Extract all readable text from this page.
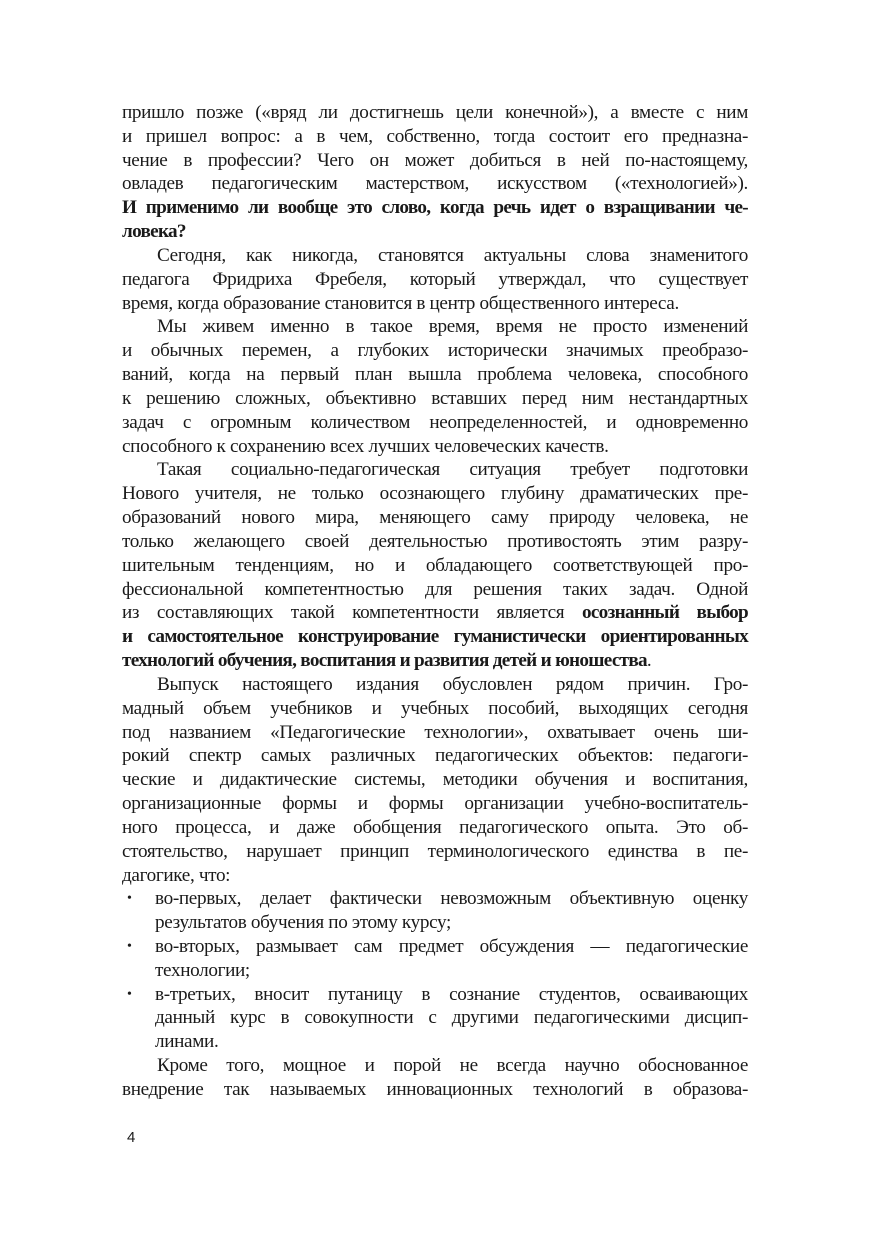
пришло позже («вряд ли достигнешь цели конечной»), а вместе с ним
и пришел вопрос: а в чем, собственно, тогда состоит его предназна-
чение в профессии? Чего он может добиться в ней по-настоящему,
овладев педагогическим мастерством, искусством («технологией»).
И применимо ли вообще это слово, когда речь идет о взращивании че-
ловека?
Сегодня, как никогда, становятся актуальны слова знаменитого
педагога Фридриха Фребеля, который утверждал, что существует
время, когда образование становится в центр общественного интереса.
Мы живем именно в такое время, время не просто изменений
и обычных перемен, а глубоких исторически значимых преобразо-
ваний, когда на первый план вышла проблема человека, способного
к решению сложных, объективно вставших перед ним нестандартных
задач с огромным количеством неопределенностей, и одновременно
способного к сохранению всех лучших человеческих качеств.
Такая социально-педагогическая ситуация требует подготовки
Нового учителя, не только осознающего глубину драматических пре-
образований нового мира, меняющего саму природу человека, не
только желающего своей деятельностью противостоять этим разру-
шительным тенденциям, но и обладающего соответствующей про-
фессиональной компетентностью для решения таких задач. Одной
из составляющих такой компетентности является осознанный выбор
и самостоятельное конструирование гуманистически ориентированных
технологий обучения, воспитания и развития детей и юношества.
Выпуск настоящего издания обусловлен рядом причин. Гро-
мадный объем учебников и учебных пособий, выходящих сегодня
под названием «Педагогические технологии», охватывает очень ши-
рокий спектр самых различных педагогических объектов: педагоги-
ческие и дидактические системы, методики обучения и воспитания,
организационные формы и формы организации учебно-воспитатель-
ного процесса, и даже обобщения педагогического опыта. Это об-
стоятельство, нарушает принцип терминологического единства в пе-
дагогике, что:
• во-первых, делает фактически невозможным объективную оценку
результатов обучения по этому курсу;
• во-вторых, размывает сам предмет обсуждения — педагогические
технологии;
• в-третьих, вносит путаницу в сознание студентов, осваивающих
данный курс в совокупности с другими педагогическими дисцип-
линами.
Кроме того, мощное и порой не всегда научно обоснованное
внедрение так называемых инновационных технологий в образова-
4
